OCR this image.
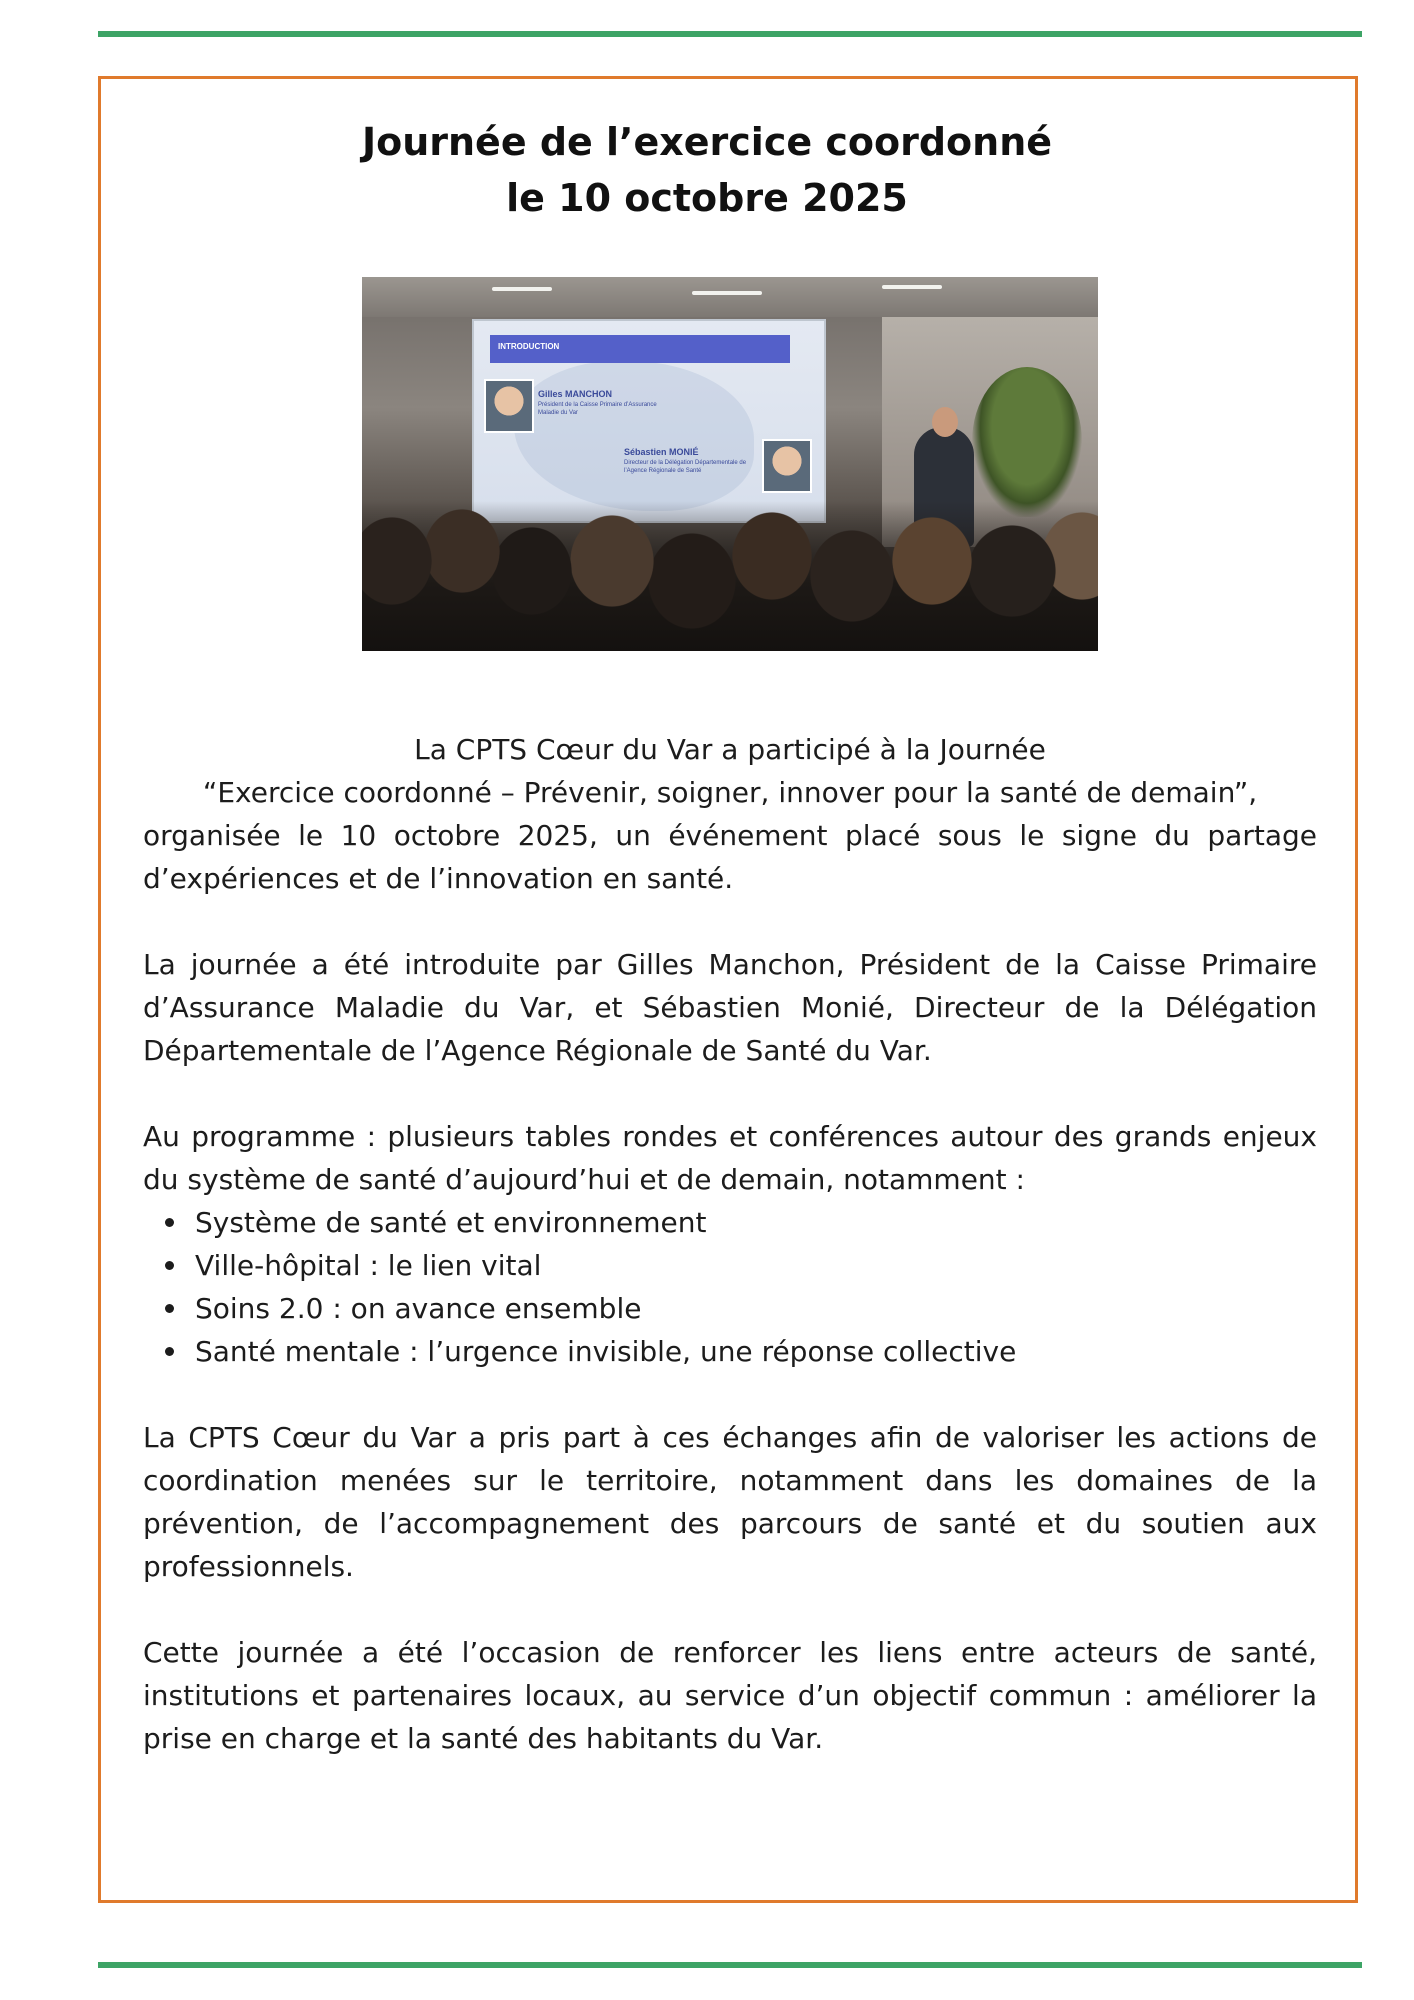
Journée de l’exercice coordonné
le 10 octobre 2025
INTRODUCTION
Gilles MANCHON
Président de la Caisse Primaire d’Assurance Maladie du Var
Sébastien MONIÉ
Directeur de la Délégation Départementale de l’Agence Régionale de Santé

La CPTS Cœur du Var a participé à la Journée

“Exercice coordonné – Prévenir, soigner, innover pour la santé de demain”,

organisée le 10 octobre 2025, un événement placé sous le signe du partage d’expériences et de l’innovation en santé.

La journée a été introduite par Gilles Manchon, Président de la Caisse Primaire d’Assurance Maladie du Var, et Sébastien Monié, Directeur de la Délégation Départementale de l’Agence Régionale de Santé du Var.

Au programme : plusieurs tables rondes et conférences autour des grands enjeux du système de santé d’aujourd’hui et de demain, notamment :

Système de santé et environnement
Ville-hôpital : le lien vital
Soins 2.0 : on avance ensemble
Santé mentale : l’urgence invisible, une réponse collective

La CPTS Cœur du Var a pris part à ces échanges afin de valoriser les actions de coordination menées sur le territoire, notamment dans les domaines de la prévention, de l’accompagnement des parcours de santé et du soutien aux professionnels.

Cette journée a été l’occasion de renforcer les liens entre acteurs de santé, institutions et partenaires locaux, au service d’un objectif commun : améliorer la prise en charge et la santé des habitants du Var.
